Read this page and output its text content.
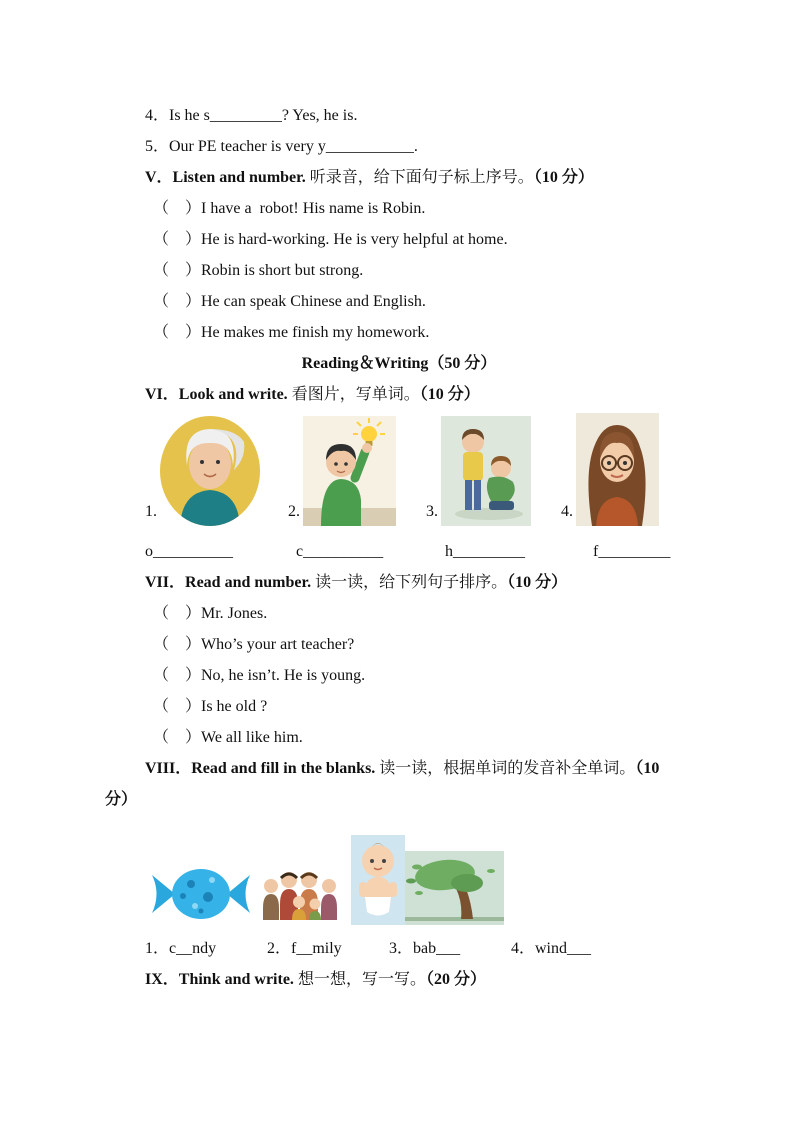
4．Is he s_________? Yes, he is.

5．Our PE teacher is very y___________.

V．Listen and number. 听录音，给下面句子标上序号。（10 分）

（    ）I have a  robot! His name is Robin.

（    ）He is hard-working. He is very helpful at home.

（    ）Robin is short but strong.

（    ）He can speak Chinese and English.

（    ）He makes me finish my homework.

Reading＆Writing（50 分）

VI．Look and write. 看图片，写单词。（10 分）

1.	2.	3.	4.

o__________	c__________	h_________	f_________

VII．Read and number. 读一读，给下列句子排序。（10 分）

（    ）Mr. Jones.

（    ）Who’s your art teacher?

（    ）No, he isn’t. He is young.

（    ）Is he old ?

（    ）We all like him.

VIII．Read and fill in the blanks. 读一读，根据单词的发音补全单词。（10

分）

1．c__ndy	2．f__mily	3．bab___	4．wind___

IX．Think and write. 想一想，写一写。（20 分）
